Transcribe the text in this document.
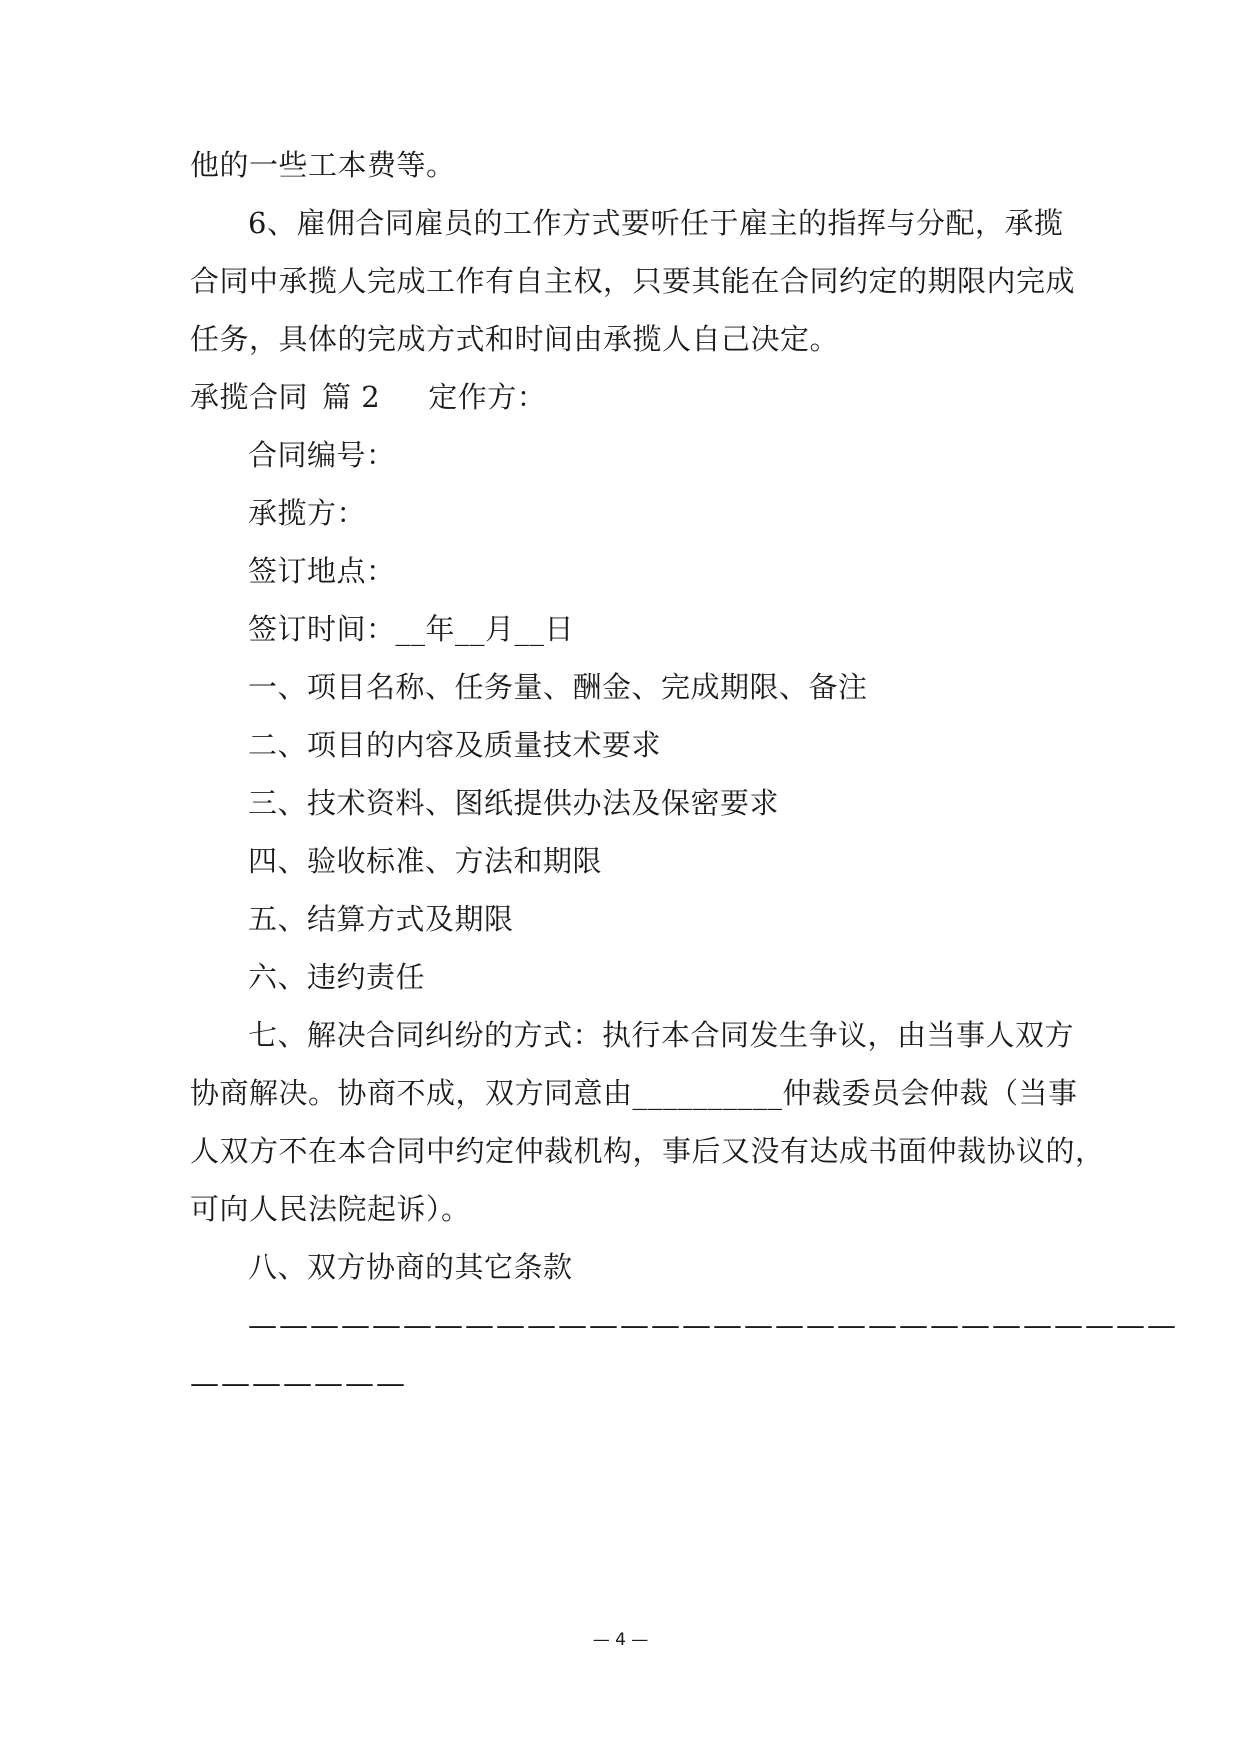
他的一些工本费等。
6、雇佣合同雇员的工作方式要听任于雇主的指挥与分配，承揽
合同中承揽人完成工作有自主权，只要其能在合同约定的期限内完成
任务，具体的完成方式和时间由承揽人自己决定。
承揽合同 篇 2 定作方：
合同编号：
承揽方：
签订地点：
签订时间：__年__月__日
一、项目名称、任务量、酬金、完成期限、备注
二、项目的内容及质量技术要求
三、技术资料、图纸提供办法及保密要求
四、验收标准、方法和期限
五、结算方式及期限
六、违约责任
七、解决合同纠纷的方式：执行本合同发生争议，由当事人双方
协商解决。协商不成，双方同意由__________仲裁委员会仲裁（当事
人双方不在本合同中约定仲裁机构，事后又没有达成书面仲裁协议的，
可向人民法院起诉）。
八、双方协商的其它条款
——————————————————————————————
———————
— 4 —
